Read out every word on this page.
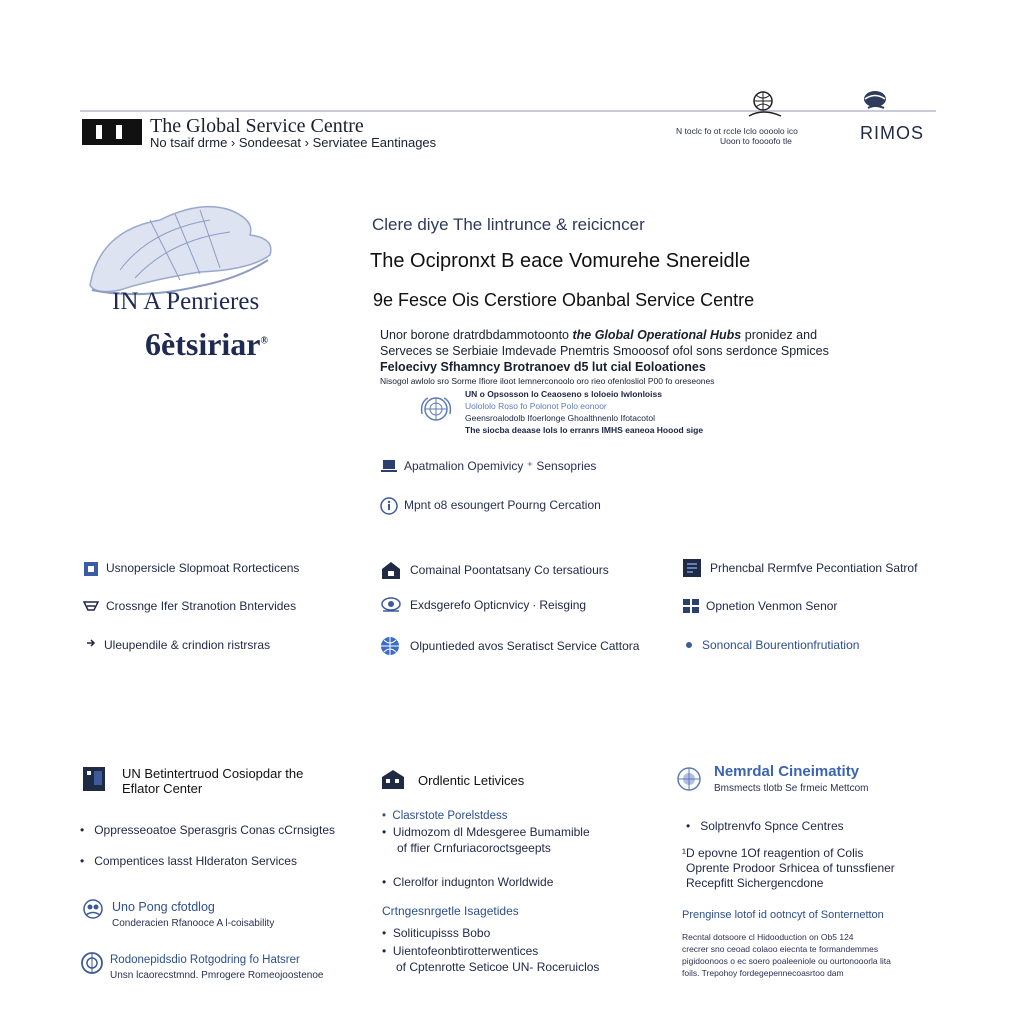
The Global Service Centre
No tsaif drme › Sondeesat › Serviatee Eantinages
N toclc fo ot rccle Iclo oooolo ico
Uoon to foooofo tle	RIMOS
IN A Penrieres
6ètsiriar®
Clere diye The lintrunce & reicicncer
The Ocipronxt B eace Vomurehe Snereidle
9e Fesce Ois Cerstiore Obanbal Service Centre
Unor borone dratrdbdammotoonto the Global Operational Hubs pronidez and
Serveces se Serbiaie Imdevade Pnemtris Smooosof ofol sons serdonce Spmices
Feloecivy Sfhamncy Brotranoev d5 lut cial Eoloationes
Nisogol awlolo sro Sorme Ifiore iloot Iemnerconoolo oro rieo ofenlosliol P00 fo oreseones
UN o Opsosson lo Ceaoseno s loloeio Iwlonloiss
Uolololo Roso fo Polonot Polo eonoor
Geensroalodolb Ifoerlonge Ghoalthnenlo Ifotacotol
The siocba deaase lols lo erranrs IMHS eaneoa Hoood sige
Apatmalion Opemivicy ⁺ Sensopries
Mpnt o8 esoungert Pourng Cercation
Usnopersicle Slopmoat Rortecticens
Crossnge Ifer Stranotion Bntervides
Uleupendile & crindion ristrsras
Comainal Poontatsany Co tersatiours
Exdsgerefo Opticnvicy ∙ Reisging
Olpuntieded avos Seratisct Service Cattora
Prhencbal Rermfve Pecontiation Satrof
Opnetion Venmon Senor
Sononcal Bourentionfrutiation
UN Betintertruod Cosiopdar the
Eflator Center
•   Oppresseoatoe Sperasgris Conas cCrnsigtes
•   Compentices lasst Hlderaton Services
Uno Pong cfotdlog
Conderacien Rfanooce A l-coisability
Rodonepidsdio Rotgodring fo Hatsrer
Unsn lcaorecstmnd. Pmrogere Romeojoostenoe
Ordlentic Letivices
•  Clasrstote Porelstdess
•  Uidmozom dl Mdesgeree Bumamible
of ffier Crnfuriacoroctsgeepts
•  Clerolfor indugnton Worldwide
Crtngesnrgetle Isagetides
•  Soliticupisss Bobo
•  Uientofeonbtirotterwentices
of Cptenrotte Seticoe UN- Roceruiclos
Nemrdal Cineimatity
Bmsmects tlotb Se frmeic Mettcom
•   Solptrenvfo Spnce Centres
¹D epovne 1Of reagention of Colis
Oprente Prodoor Srhicea of tunssfiener
Recepfitt Sichergencdone
Prenginse lotof id ootncyt of Sonternetton
Recntal dotsoore cl Hidooduction on Ob5 124
crecrer sno ceoad colaoo eiecnta te formandemmes
pigidoonoos o ec soero poaleeniole ou ourtonooorla lita
foils. Trepohoy fordegepennecoasrtoo dam
